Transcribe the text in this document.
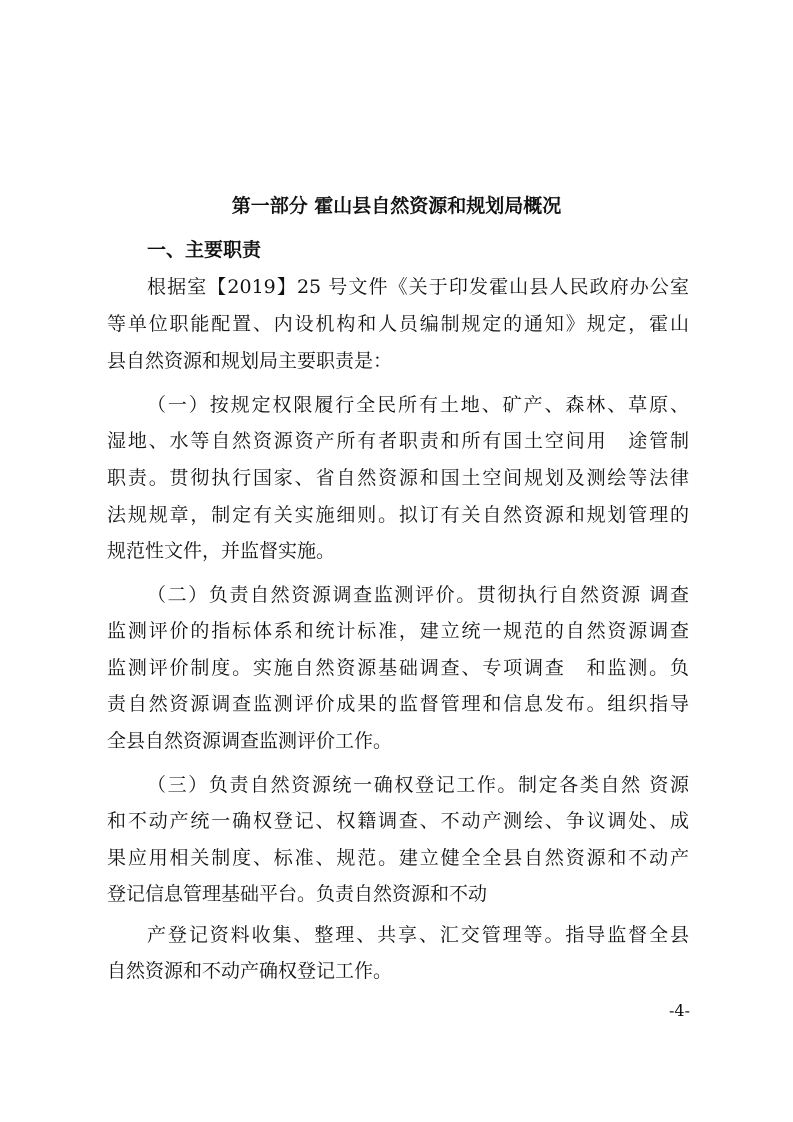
第一部分 霍山县自然资源和规划局概况
一、主要职责

根据室【2019】25 号文件《关于印发霍山县人民政府办公室

等单位职能配置、内设机构和人员编制规定的通知》规定，霍山

县自然资源和规划局主要职责是：

（一）按规定权限履行全民所有土地、矿产、森林、草原、

湿地、水等自然资源资产所有者职责和所有国土空间用　途管制

职责。贯彻执行国家、省自然资源和国土空间规划及测绘等法律

法规规章，制定有关实施细则。拟订有关自然资源和规划管理的

规范性文件，并监督实施。

（二）负责自然资源调查监测评价。贯彻执行自然资源 调查

监测评价的指标体系和统计标准，建立统一规范的自然资源调查

监测评价制度。实施自然资源基础调查、专项调查　和监测。负

责自然资源调查监测评价成果的监督管理和信息发布。组织指导

全县自然资源调查监测评价工作。

（三）负责自然资源统一确权登记工作。制定各类自然 资源

和不动产统一确权登记、权籍调查、不动产测绘、争议调处、成

果应用相关制度、标准、规范。建立健全全县自然资源和不动产

登记信息管理基础平台。负责自然资源和不动

产登记资料收集、整理、共享、汇交管理等。指导监督全县

自然资源和不动产确权登记工作。

-4-
